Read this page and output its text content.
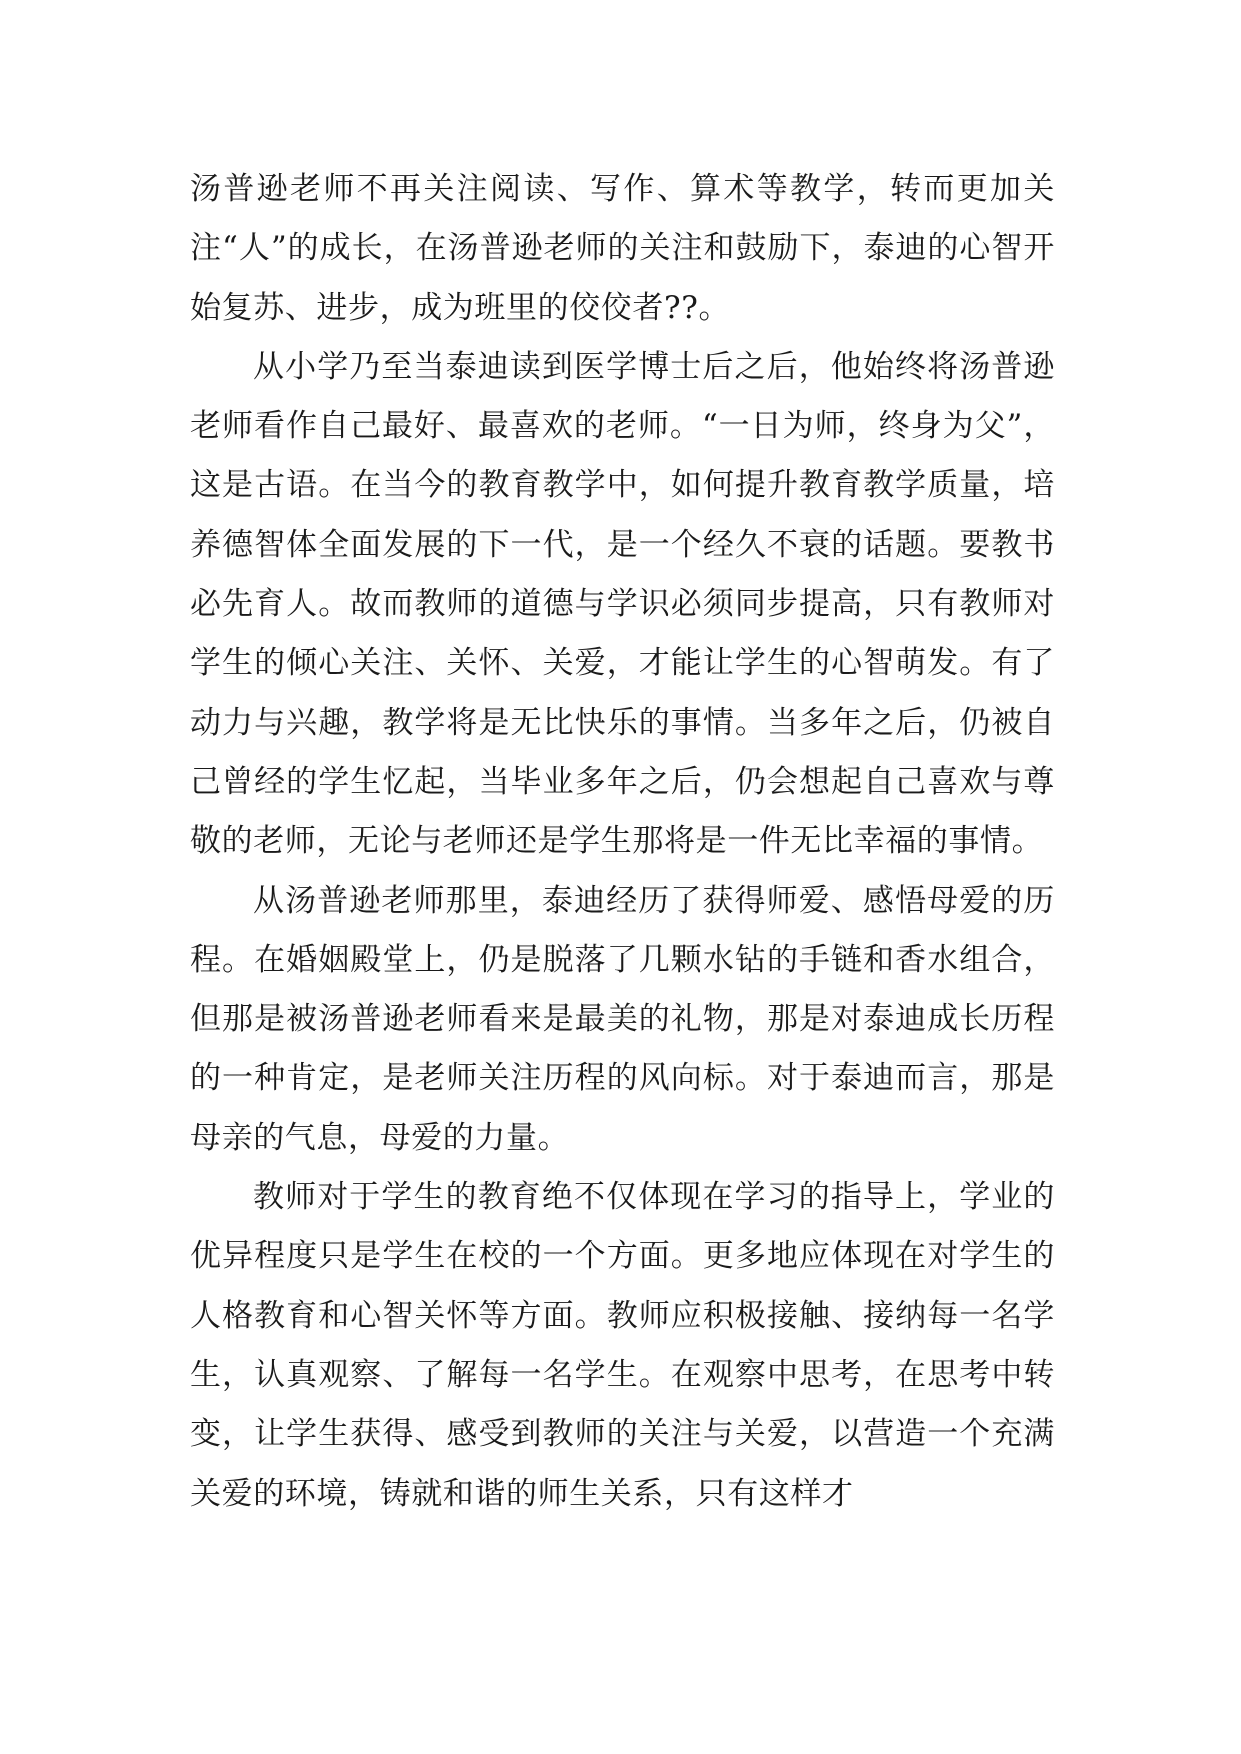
汤普逊老师不再关注阅读、写作、算术等教学，转而更加关注“人”的成长，在汤普逊老师的关注和鼓励下，泰迪的心智开始复苏、进步，成为班里的佼佼者??。

从小学乃至当泰迪读到医学博士后之后，他始终将汤普逊老师看作自己最好、最喜欢的老师。“一日为师，终身为父”，这是古语。在当今的教育教学中，如何提升教育教学质量，培养德智体全面发展的下一代，是一个经久不衰的话题。要教书必先育人。故而教师的道德与学识必须同步提高，只有教师对学生的倾心关注、关怀、关爱，才能让学生的心智萌发。有了动力与兴趣，教学将是无比快乐的事情。当多年之后，仍被自己曾经的学生忆起，当毕业多年之后，仍会想起自己喜欢与尊敬的老师，无论与老师还是学生那将是一件无比幸福的事情。

从汤普逊老师那里，泰迪经历了获得师爱、感悟母爱的历程。在婚姻殿堂上，仍是脱落了几颗水钻的手链和香水组合，但那是被汤普逊老师看来是最美的礼物，那是对泰迪成长历程的一种肯定，是老师关注历程的风向标。对于泰迪而言，那是母亲的气息，母爱的力量。

教师对于学生的教育绝不仅体现在学习的指导上，学业的优异程度只是学生在校的一个方面。更多地应体现在对学生的人格教育和心智关怀等方面。教师应积极接触、接纳每一名学生，认真观察、了解每一名学生。在观察中思考，在思考中转变，让学生获得、感受到教师的关注与关爱，以营造一个充满关爱的环境，铸就和谐的师生关系，只有这样才
